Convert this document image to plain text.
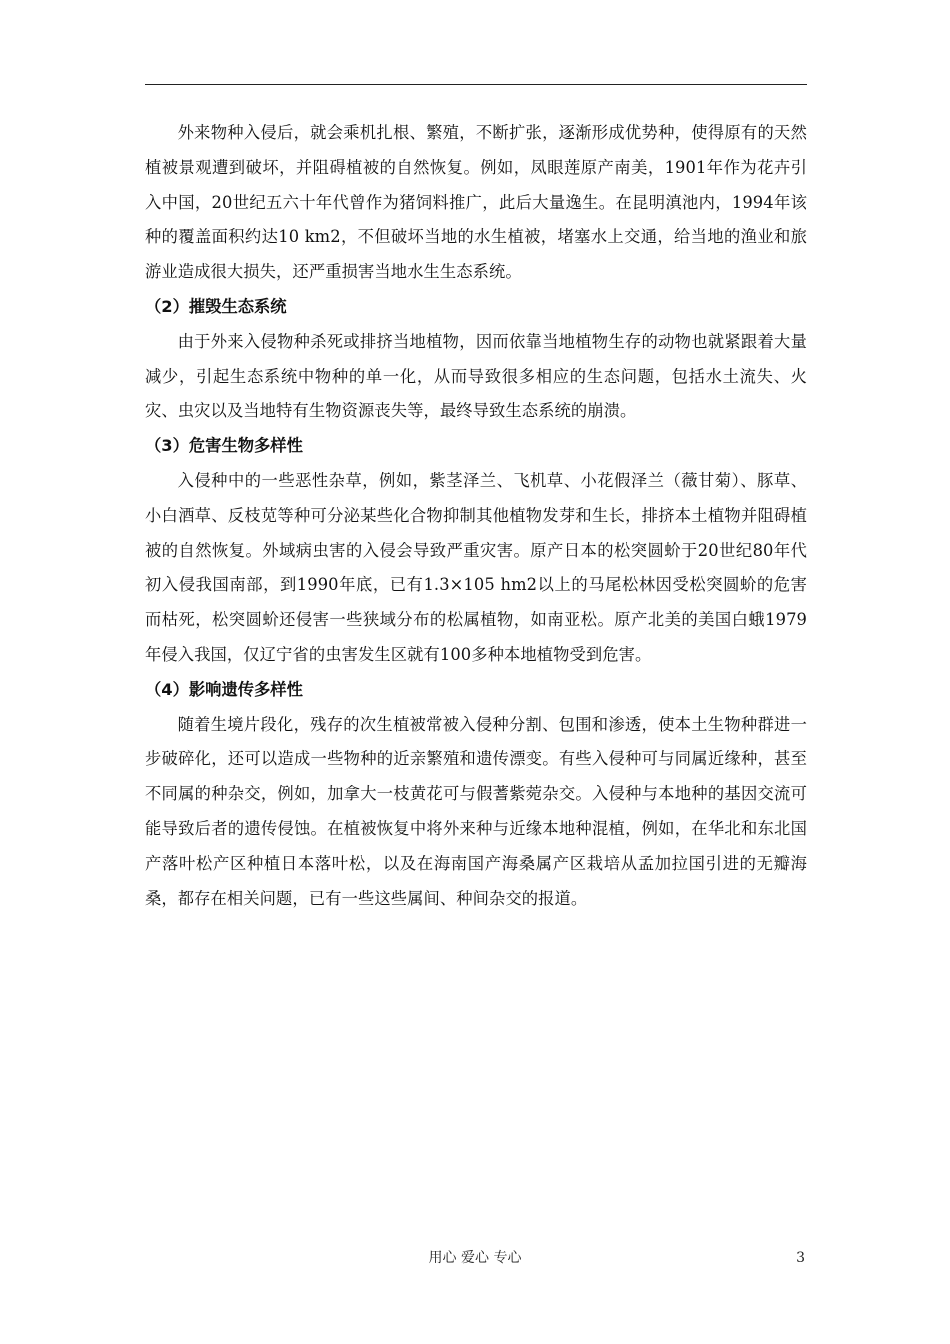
外来物种入侵后，就会乘机扎根、繁殖，不断扩张，逐渐形成优势种，使得原有的天然植被景观遭到破坏，并阻碍植被的自然恢复。例如，凤眼莲原产南美，1901年作为花卉引入中国，20世纪五六十年代曾作为猪饲料推广，此后大量逸生。在昆明滇池内，1994年该种的覆盖面积约达10 km2，不但破坏当地的水生植被，堵塞水上交通，给当地的渔业和旅游业造成很大损失，还严重损害当地水生生态系统。

（2）摧毁生态系统

由于外来入侵物种杀死或排挤当地植物，因而依靠当地植物生存的动物也就紧跟着大量减少，引起生态系统中物种的单一化，从而导致很多相应的生态问题，包括水土流失、火灾、虫灾以及当地特有生物资源丧失等，最终导致生态系统的崩溃。

（3）危害生物多样性

入侵种中的一些恶性杂草，例如，紫茎泽兰、飞机草、小花假泽兰（薇甘菊）、豚草、小白酒草、反枝苋等种可分泌某些化合物抑制其他植物发芽和生长，排挤本土植物并阻碍植被的自然恢复。外域病虫害的入侵会导致严重灾害。原产日本的松突圆蚧于20世纪80年代初入侵我国南部，到1990年底，已有1.3×105 hm2以上的马尾松林因受松突圆蚧的危害而枯死，松突圆蚧还侵害一些狭域分布的松属植物，如南亚松。原产北美的美国白蛾1979年侵入我国，仅辽宁省的虫害发生区就有100多种本地植物受到危害。

（4）影响遗传多样性

随着生境片段化，残存的次生植被常被入侵种分割、包围和渗透，使本土生物种群进一步破碎化，还可以造成一些物种的近亲繁殖和遗传漂变。有些入侵种可与同属近缘种，甚至不同属的种杂交，例如，加拿大一枝黄花可与假蓍紫菀杂交。入侵种与本地种的基因交流可能导致后者的遗传侵蚀。在植被恢复中将外来种与近缘本地种混植，例如，在华北和东北国产落叶松产区种植日本落叶松，以及在海南国产海桑属产区栽培从孟加拉国引进的无瓣海桑，都存在相关问题，已有一些这些属间、种间杂交的报道。

用心 爱心 专心	3
